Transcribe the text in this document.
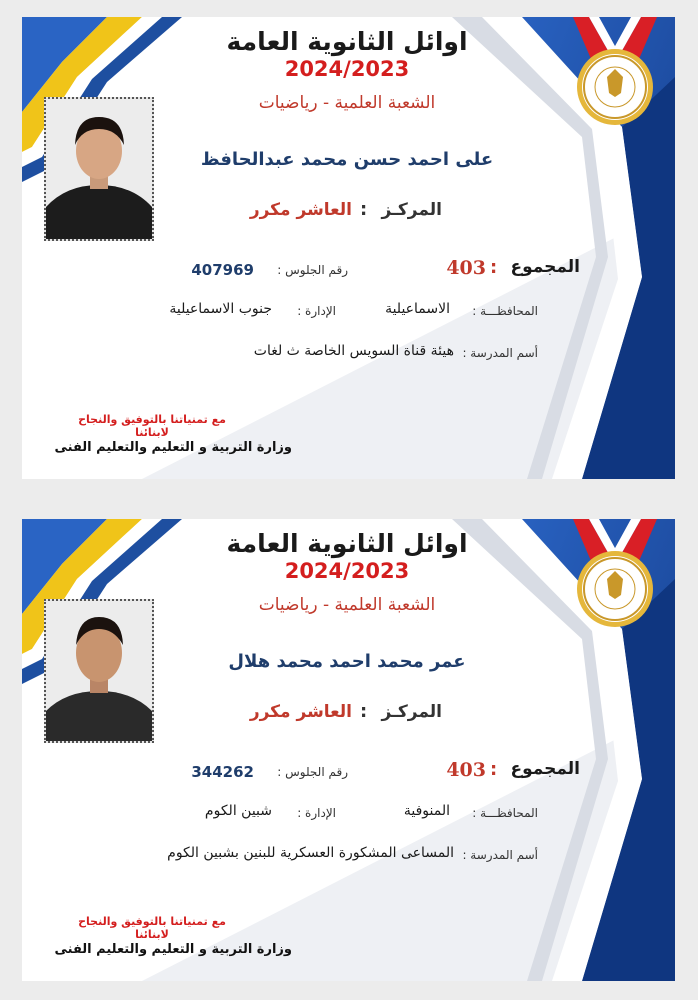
اوائل الثانوية العامة
2024/2023
الشعبة العلمية - رياضيات
على احمد حسن محمد عبدالحافظ
المركـز
:
العاشر مكرر
المجموع
:
403
رقم الجلوس :
407969
المحافظـــة :
الاسماعيلية
الإدارة :
جنوب الاسماعيلية
أسم المدرسة :
هيئة قناة السويس الخاصة ث لغات
مع تمنياتنا بالتوفيق والنجاح لابنائنا
وزارة التربية و التعليم والتعليم الفنى
اوائل الثانوية العامة
2024/2023
الشعبة العلمية - رياضيات
عمر محمد احمد محمد هلال
المركـز
:
العاشر مكرر
المجموع
:
403
رقم الجلوس :
344262
المحافظـــة :
المنوفية
الإدارة :
شبين الكوم
أسم المدرسة :
المساعى المشكورة العسكرية للبنين بشبين الكوم
مع تمنياتنا بالتوفيق والنجاح لابنائنا
وزارة التربية و التعليم والتعليم الفنى
